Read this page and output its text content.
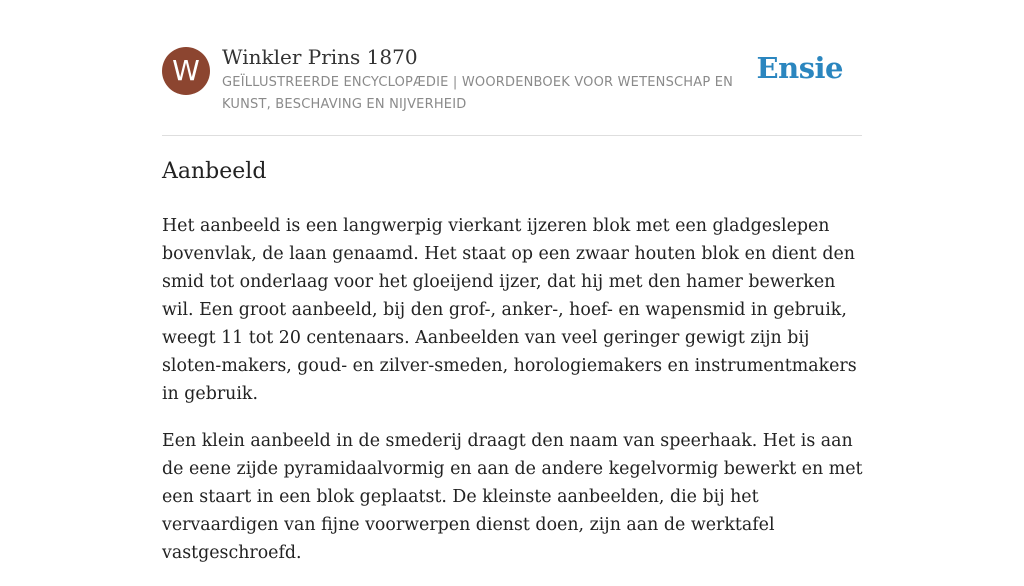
W	Winkler Prins 1870
GEÏLLUSTREERDE ENCYCLOPÆDIE | WOORDENBOEK VOOR WETENSCHAP EN KUNST, BESCHAVING EN NIJVERHEID
Ensie
Aanbeeld

Het aanbeeld is een langwerpig vierkant ijzeren blok met een gladgeslepen bovenvlak, de laan genaamd. Het staat op een zwaar houten blok en dient den smid tot onderlaag voor het gloeijend ijzer, dat hij met den hamer bewerken wil. Een groot aanbeeld, bij den grof-, anker-, hoef- en wapensmid in gebruik, weegt 11 tot 20 centenaars. Aanbeelden van veel geringer gewigt zijn bij sloten-makers, goud- en zilver-smeden, horologiemakers en instrumentmakers in gebruik.

Een klein aanbeeld in de smederij draagt den naam van speerhaak. Het is aan de eene zijde pyramidaalvormig en aan de andere kegelvormig bewerkt en met een staart in een blok geplaatst. De kleinste aanbeelden, die bij het vervaardigen van fijne voorwerpen dienst doen, zijn aan de werktafel vastgeschroefd.
